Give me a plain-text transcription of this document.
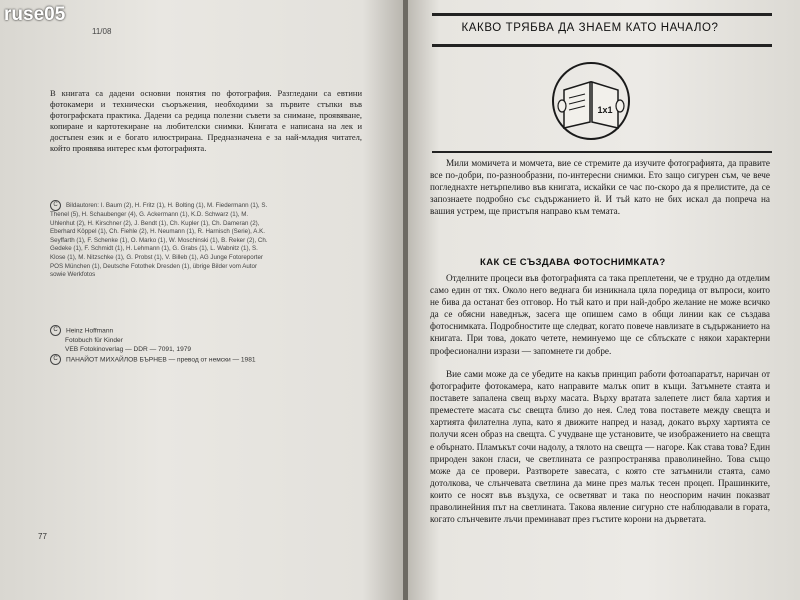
11/08
В книгата са дадени основни понятия по фотография. Разгледани са евтини фотокамери и технически съоръжения, необходими за първите стъпки във фотографската практика. Дадени са редица полезни съвети за снимане, проявяване, копиране и картотекиране на любителски снимки. Книгата е написана на лек и достъпен език и е богато илюстрирана. Предназначена е за най-младия читател, който проявява интерес към фотографията.
C Bildautoren: I. Baum (2), H. Fritz (1), H. Bolting (1), M. Fiedermann (1), S. Thenel (5), H. Schaubenger (4), G. Ackermann (1), K.D. Schwarz (1), M. Uhlenhut (2), H. Kirschner (2), J. Bendt (1), Ch. Kupler (1), Ch. Dameran (2), Eberhard Köppel (1), Ch. Fiehle (2), H. Neumann (1), R. Harnisch (Serie), A.K. Seyffarth (1), F. Schenke (1), O. Marko (1), W. Moschinski (1), B. Reker (2), Ch. Gedeke (1), F. Schmidt (1), H. Lehmann (1), G. Grabs (1), L. Wabnitz (1), S. Klose (1), M. Nitzschke (1), G. Probst (1), V. Billeb (1), AG Junge Fotoreporter POS München (1), Deutsche Fotothek Dresden (1), übrige Bilder vom Autor sowie Werkfotos
C Heinz Hoffmann
Fotobuch für Kinder
VEB Fotokinoverlag — DDR — 7091, 1979
C ПАНАЙОТ МИХАЙЛОВ БЪРНЕВ — превод от немски — 1981
77
ruse05
КАКВО ТРЯБВА ДА ЗНАЕМ КАТО НАЧАЛО?
1x1
Мили момичета и момчета, вие се стремите да изучите фотографията, да правите все по-добри, по-разнообразни, по-интересни снимки. Ето защо сигурен съм, че вече погледнахте нетърпеливо във книгата, искайки се час по-скоро да я прелистите, да се запознаете подробно със съдържанието й. И тъй като не бих искал да попреча на вашия устрем, ще пристъпя направо към темата.
КАК СЕ СЪЗДАВА ФОТОСНИМКАТА?
Отделните процеси във фотографията са така преплетени, че е трудно да отделим само един от тях. Около него веднага би изникнала цяла поредица от въпроси, които не бива да останат без отговор. Но тъй като и при най-добро желание не може всичко да се обясни наведнъж, засега ще опишем само в общи линии как се създава фотоснимката. Подробностите ще следват, когато повече навлизате в съдържанието на книгата. При това, докато четете, неминуемо ще се сблъскате с някои характерни професионални изрази — запомнете ги добре.
Вие сами може да се убедите на какъв принцип работи фотоапаратът, наричан от фотографите фотокамера, като направите малък опит в къщи. Затъмнете стаята и поставете запалена свещ върху масата. Върху вратата залепете лист бяла хартия и преместете масата със свещта близо до нея. След това поставете между свещта и хартията филателна лупа, като я движите напред и назад, докато върху хартията се получи ясен образ на свещта. С учудване ще установите, че изображението на свещта е обърнато. Пламъкът сочи надолу, а тялото на свещта — нагоре. Как става това? Един природен закон гласи, че светлината се разпространява праволинейно. Това също може да се провери. Разтворете завесата, с която сте затъмнили стаята, само дотолкова, че слънчевата светлина да мине през малък тесен процеп. Прашинките, които се носят във въздуха, се осветяват и така по неоспорим начин показват праволинейния път на светлината. Такова явление сигурно сте наблюдавали в гората, когато слънчевите лъчи преминават през гъстите корони на дърветата.
